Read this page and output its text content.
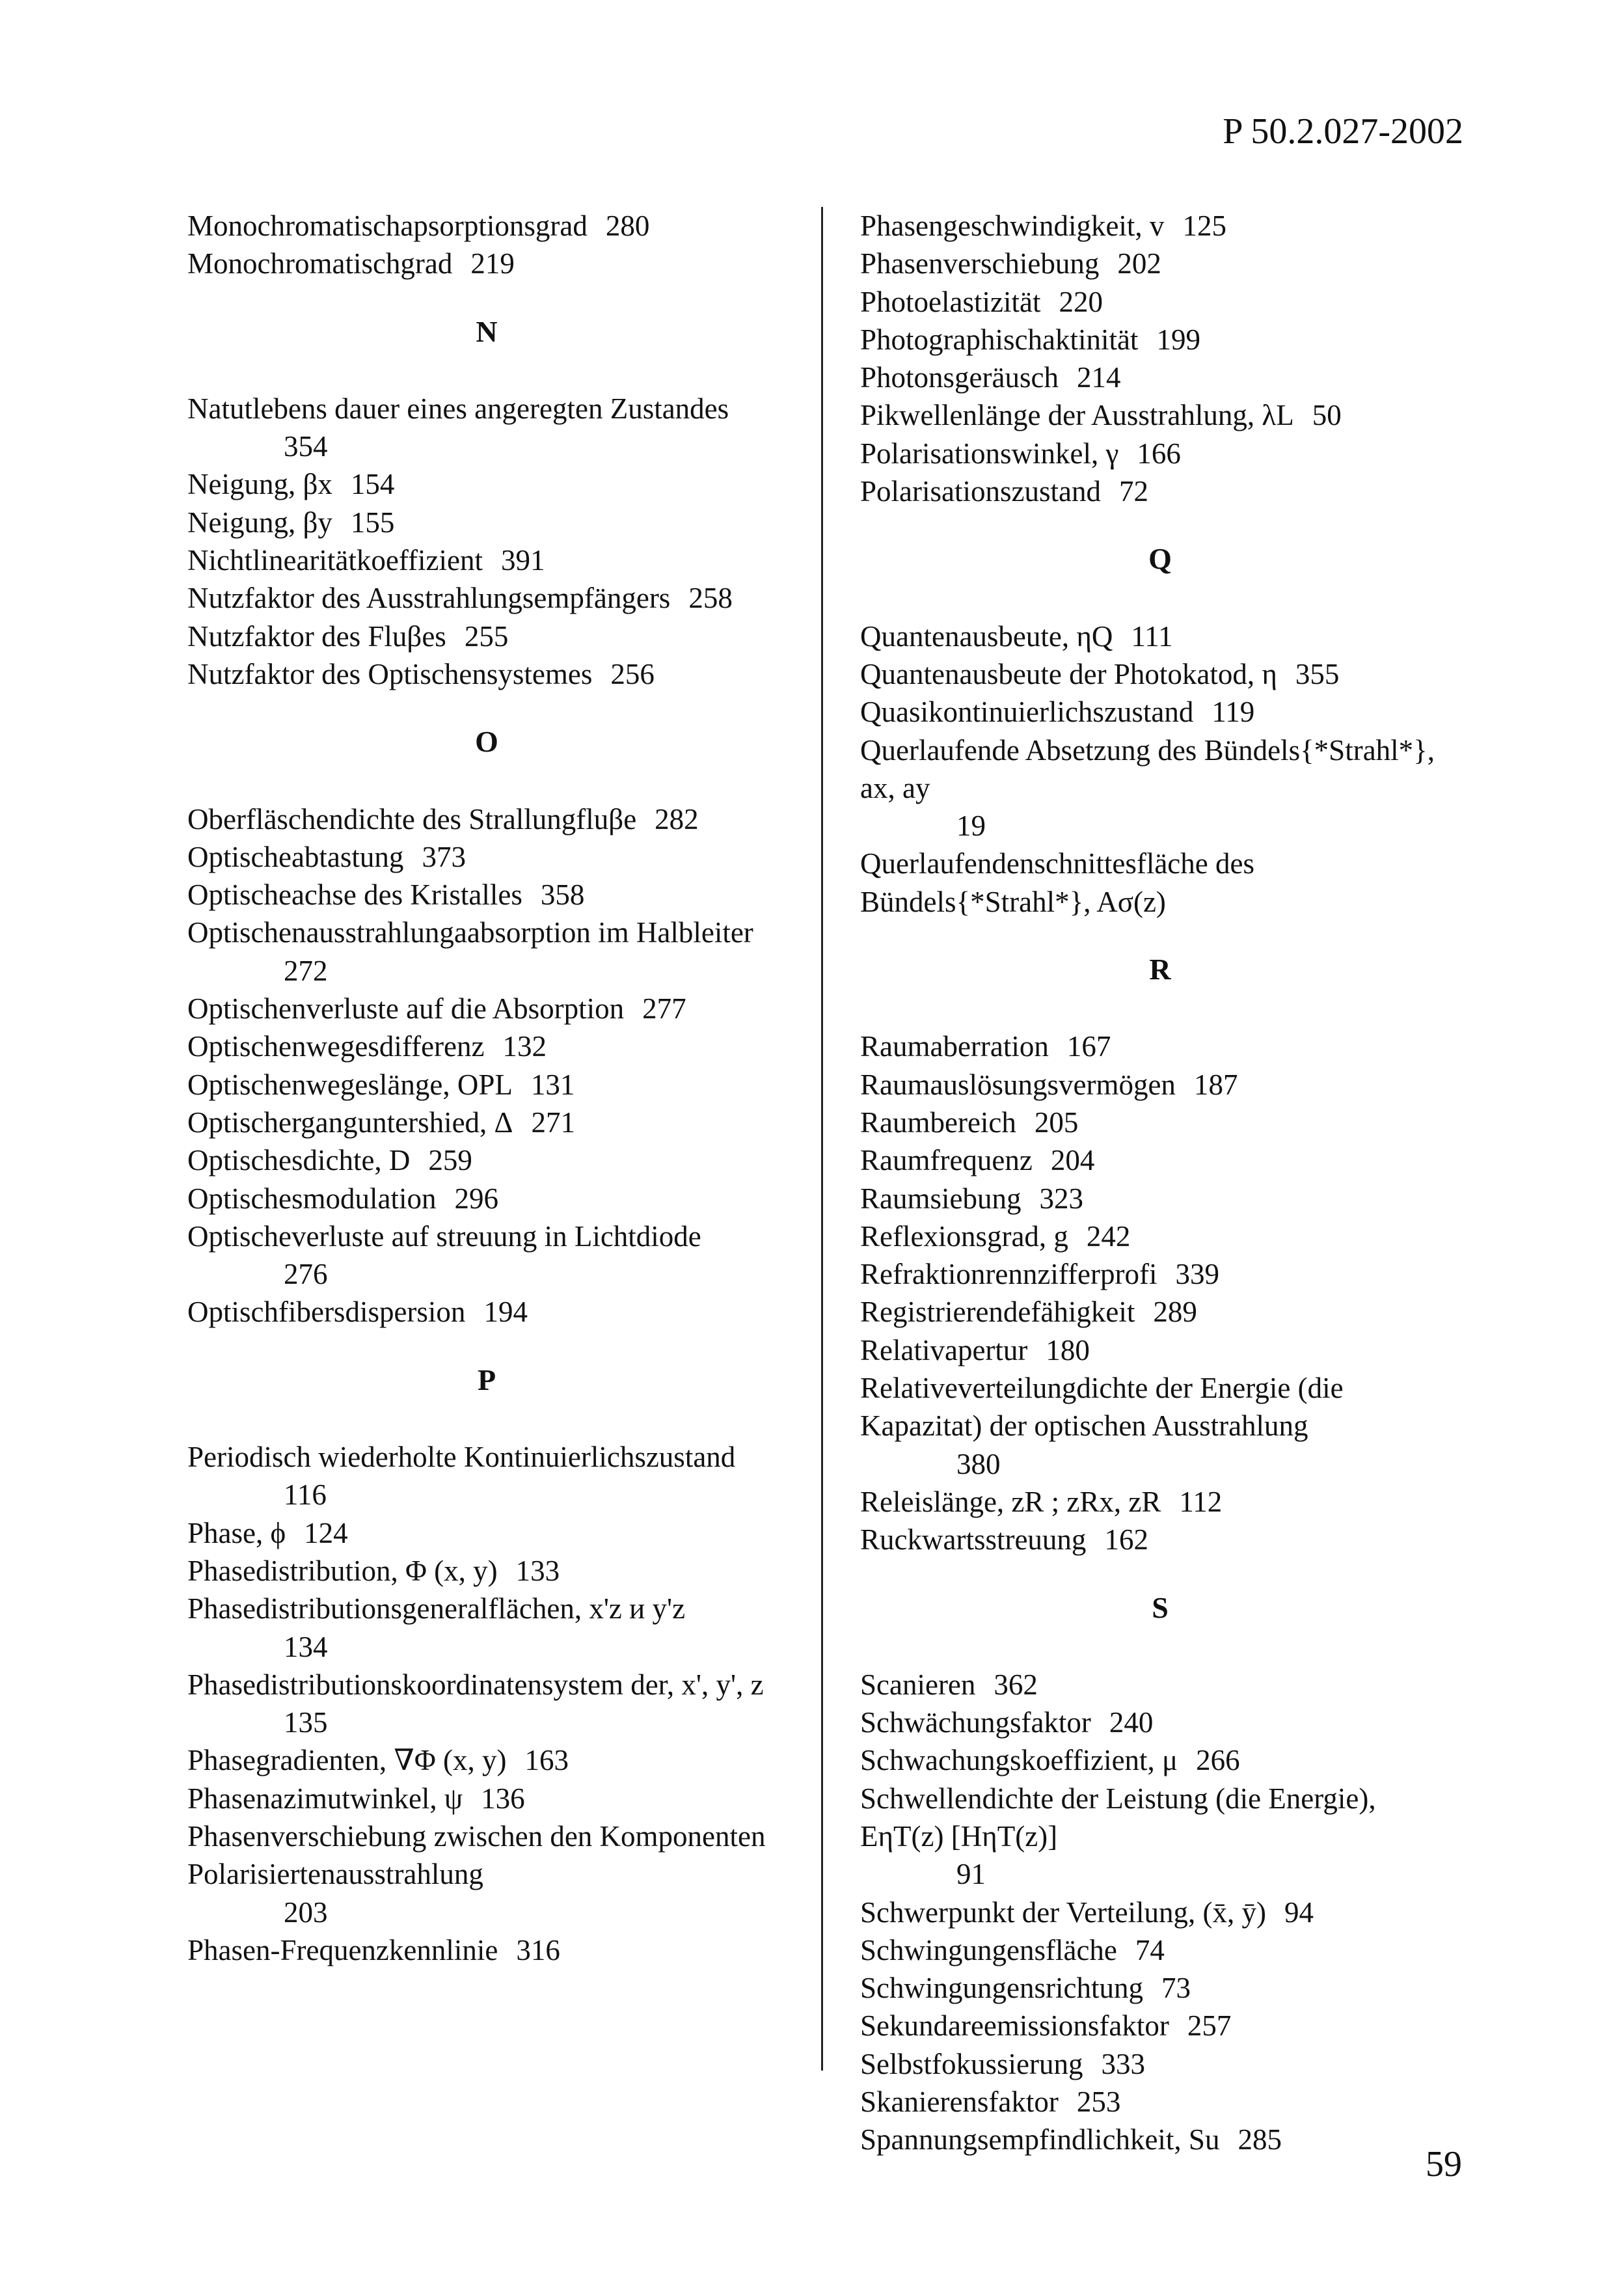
P 50.2.027-2002
Monochromatischapsorptionsgrad 280
Monochromatischgrad 219
N
Natutlebens dauer eines angeregten Zustandes
354
Neigung, βx 154
Neigung, βy 155
Nichtlinearitätkoeffizient 391
Nutzfaktor des Ausstrahlungsempfängers 258
Nutzfaktor des Fluβes 255
Nutzfaktor des Optischensystemes 256
O
Oberfläschendichte des Strallungfluβe 282
Optischeabtastung 373
Optischeachse des Kristalles 358
Optischenausstrahlungaabsorption im Halbleiter
272
Optischenverluste auf die Absorption 277
Optischenwegesdifferenz 132
Optischenwegeslänge, OPL 131
Optischerganguntershied, Δ 271
Optischesdichte, D 259
Optischesmodulation 296
Optischeverluste auf streuung in Lichtdiode
276
Optischfibersdispersion 194
P
Periodisch wiederholte Kontinuierlichszustand
116
Phase, ϕ 124
Phasedistribution, Φ (x, y) 133
Phasedistributionsgeneralflächen, x'z и y'z
134
Phasedistributionskoordinatensystem der, x', y', z
135
Phasegradienten, ∇Φ (x, y) 163
Phasenazimutwinkel, ψ 136
Phasenverschiebung zwischen den Komponenten Polarisiertenausstrahlung
203
Phasen-Frequenzkennlinie 316
Phasengeschwindigkeit, v 125
Phasenverschiebung 202
Photoelastizität 220
Photographischaktinität 199
Photonsgeräusch 214
Pikwellenlänge der Ausstrahlung, λL 50
Polarisationswinkel, γ 166
Polarisationszustand 72
Q
Quantenausbeute, ηQ 111
Quantenausbeute der Photokatod, η 355
Quasikontinuierlichszustand 119
Querlaufende Absetzung des Bündels{*Strahl*}, ax, ay
19
Querlaufendenschnittesfläche des Bündels{*Strahl*}, Aσ(z)
R
Raumaberration 167
Raumauslösungsvermögen 187
Raumbereich 205
Raumfrequenz 204
Raumsiebung 323
Reflexionsgrad, g 242
Refraktionrennzifferprofi 339
Registrierendefähigkeit 289
Relativapertur 180
Relativeverteilungdichte der Energie (die Kapazitat) der optischen Ausstrahlung
380
Releislänge, zR ; zRx, zR 112
Ruckwartsstreuung 162
S
Scanieren 362
Schwächungsfaktor 240
Schwachungskoeffizient, μ 266
Schwellendichte der Leistung (die Energie), EηT(z) [HηT(z)]
91
Schwerpunkt der Verteilung, (x̄, ȳ) 94
Schwingungensfläche 74
Schwingungensrichtung 73
Sekundareemissionsfaktor 257
Selbstfokussierung 333
Skanierensfaktor 253
Spannungsempfindlichkeit, Su 285
59
